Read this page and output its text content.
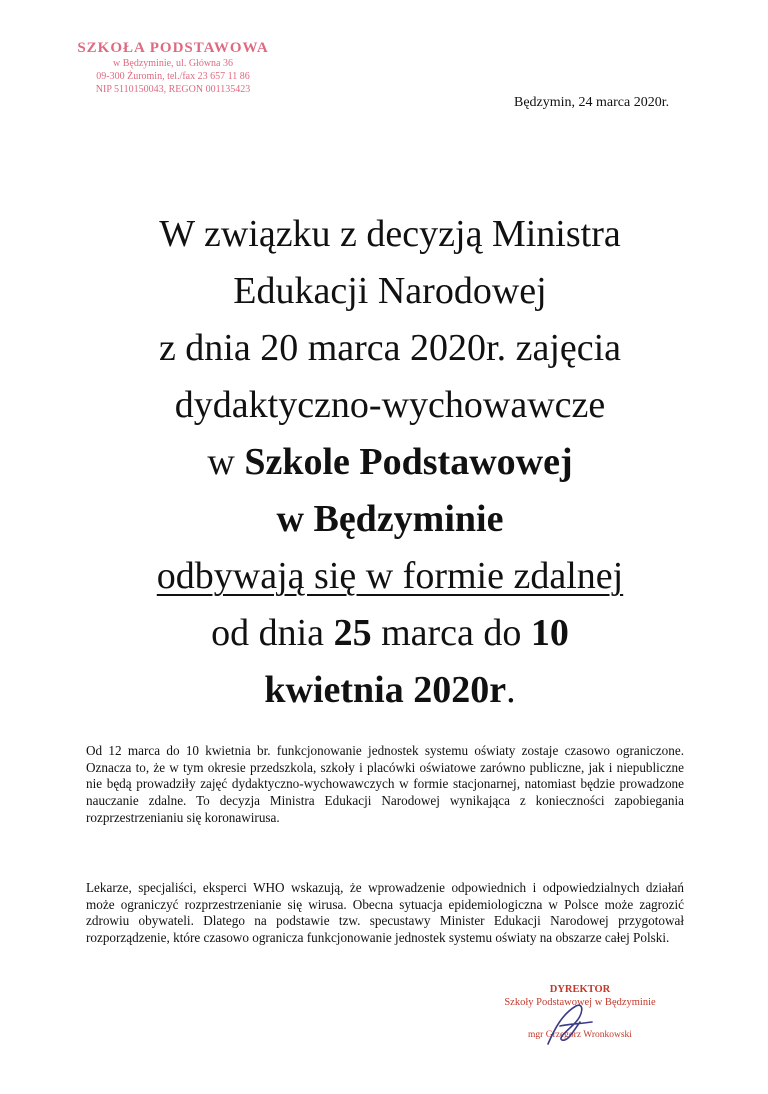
SZKOŁA PODSTAWOWA
w Będzyminie, ul. Główna 36
09-300 Żuromin, tel./fax 23 657 11 86
NIP 5110150043, REGON 001135423
Będzymin, 24 marca 2020r.

W związku z decyzją Ministra

Edukacji Narodowej

z dnia 20 marca 2020r. zajęcia

dydaktyczno-wychowawcze

w Szkole Podstawowej

w Będzyminie

odbywają się w formie zdalnej

od dnia 25 marca do 10

kwietnia 2020r.

Od 12 marca do 10 kwietnia br. funkcjonowanie jednostek systemu oświaty zostaje czasowo ograniczone. Oznacza to, że w tym okresie przedszkola, szkoły i placówki oświatowe zarówno publiczne, jak i niepubliczne nie będą prowadziły zajęć dydaktyczno-wychowawczych w formie stacjonarnej, natomiast będzie prowadzone nauczanie zdalne. To decyzja Ministra Edukacji Narodowej wynikająca z konieczności zapobiegania rozprzestrzenianiu się koronawirusa.

Lekarze, specjaliści, eksperci WHO wskazują, że wprowadzenie odpowiednich i odpowiedzialnych działań może ograniczyć rozprzestrzenianie się wirusa. Obecna sytuacja epidemiologiczna w Polsce może zagrozić zdrowiu obywateli. Dlatego na podstawie tzw. specustawy Minister Edukacji Narodowej przygotował rozporządzenie, które czasowo ogranicza funkcjonowanie jednostek systemu oświaty na obszarze całej Polski.

DYREKTOR
Szkoły Podstawowej w Będzyminie
mgr Grzegorz Wronkowski
